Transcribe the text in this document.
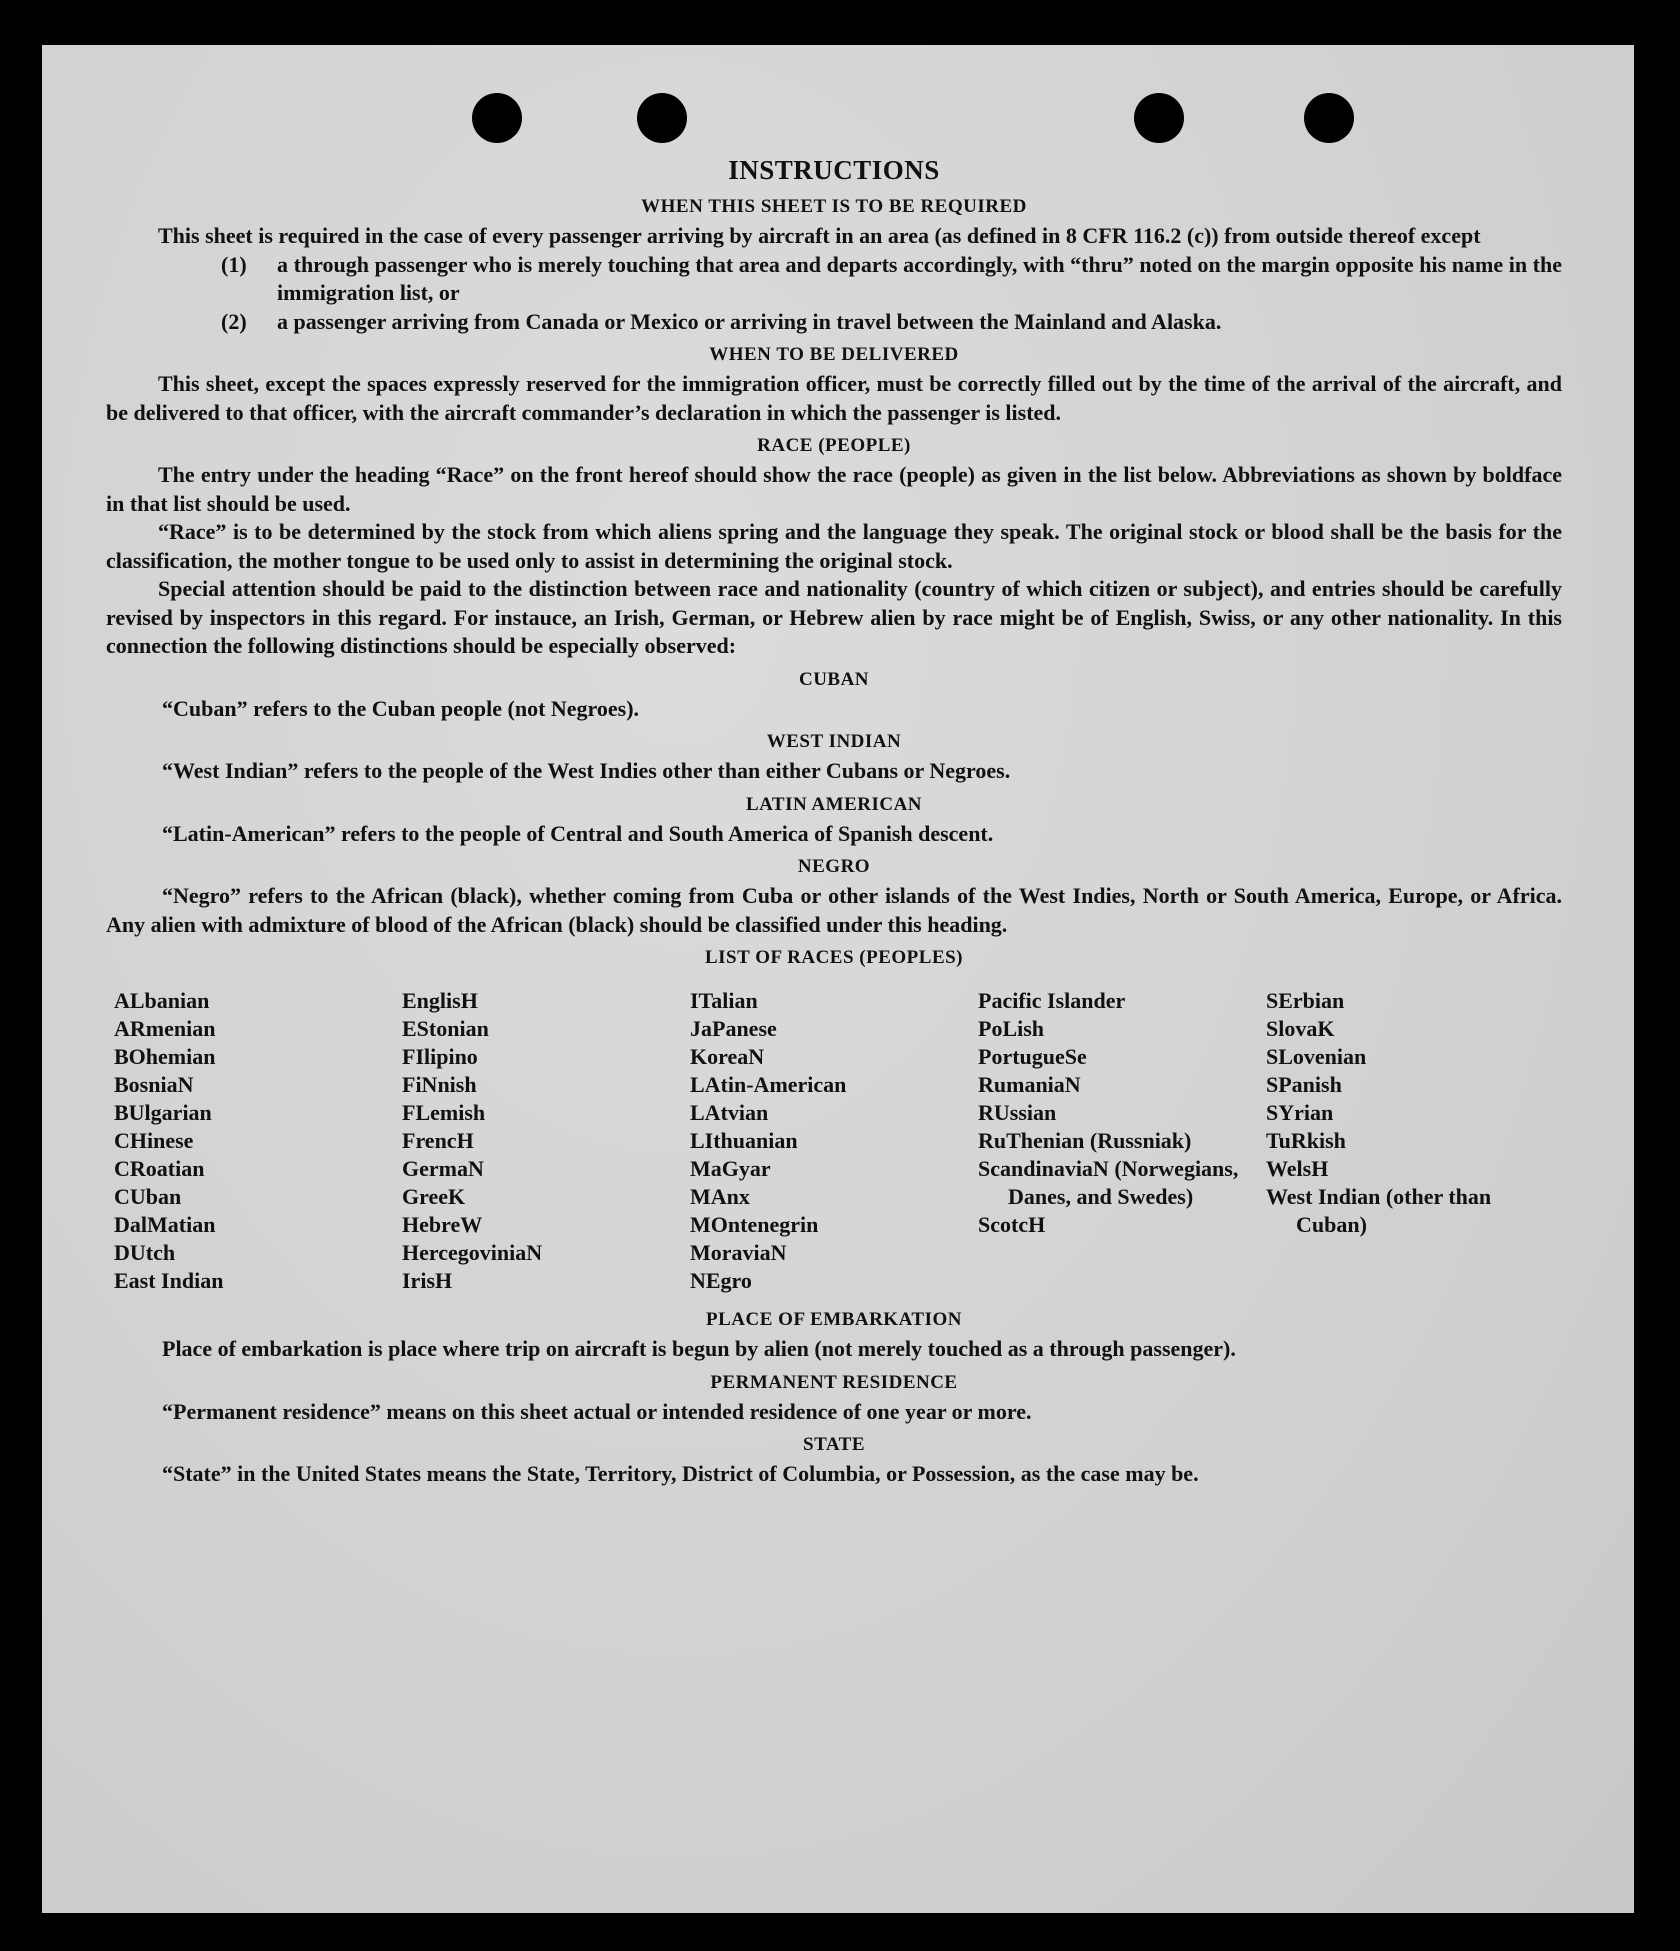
INSTRUCTIONS
WHEN THIS SHEET IS TO BE REQUIRED

This sheet is required in the case of every passenger arriving by aircraft in an area (as defined in 8 CFR 116.2 (c)) from outside thereof except

(1)	a through passenger who is merely touching that area and departs accordingly, with “thru” noted on the margin opposite his name in the immigration list, or
(2)	a passenger arriving from Canada or Mexico or arriving in travel between the Mainland and Alaska.
WHEN TO BE DELIVERED

This sheet, except the spaces expressly reserved for the immigration officer, must be correctly filled out by the time of the arrival of the aircraft, and be delivered to that officer, with the aircraft commander’s declaration in which the passenger is listed.

RACE (PEOPLE)

The entry under the heading “Race” on the front hereof should show the race (people) as given in the list below. Abbreviations as shown by boldface in that list should be used.

“Race” is to be determined by the stock from which aliens spring and the language they speak. The original stock or blood shall be the basis for the classification, the mother tongue to be used only to assist in determining the original stock.

Special attention should be paid to the distinction between race and nationality (country of which citizen or subject), and entries should be carefully revised by inspectors in this regard. For instauce, an Irish, German, or Hebrew alien by race might be of English, Swiss, or any other nationality. In this connection the following distinctions should be especially observed:

CUBAN

“Cuban” refers to the Cuban people (not Negroes).

WEST INDIAN

“West Indian” refers to the people of the West Indies other than either Cubans or Negroes.

LATIN AMERICAN

“Latin-American” refers to the people of Central and South America of Spanish descent.

NEGRO

“Negro” refers to the African (black), whether coming from Cuba or other islands of the West Indies, North or South America, Europe, or Africa. Any alien with admixture of blood of the African (black) should be classified under this heading.

LIST OF RACES (PEOPLES)
ALbanian
ARmenian
BOhemian
BosniaN
BUlgarian
CHinese
CRoatian
CUban
DalMatian
DUtch
East Indian
EnglisH
EStonian
FIlipino
FiNnish
FLemish
FrencH
GermaN
GreeK
HebreW
HercegoviniaN
IrisH
ITalian
JaPanese
KoreaN
LAtin-American
LAtvian
LIthuanian
MaGyar
MAnx
MOntenegrin
MoraviaN
NEgro
Pacific Islander
PoLish
PortugueSe
RumaniaN
RUssian
RuThenian (Russniak)
ScandinaviaN (Norwegians, Danes, and Swedes)
ScotcH
SErbian
SlovaK
SLovenian
SPanish
SYrian
TuRkish
WelsH
West Indian (other than Cuban)
PLACE OF EMBARKATION

Place of embarkation is place where trip on aircraft is begun by alien (not merely touched as a through passenger).

PERMANENT RESIDENCE

“Permanent residence” means on this sheet actual or intended residence of one year or more.

STATE

“State” in the United States means the State, Territory, District of Columbia, or Possession, as the case may be.
